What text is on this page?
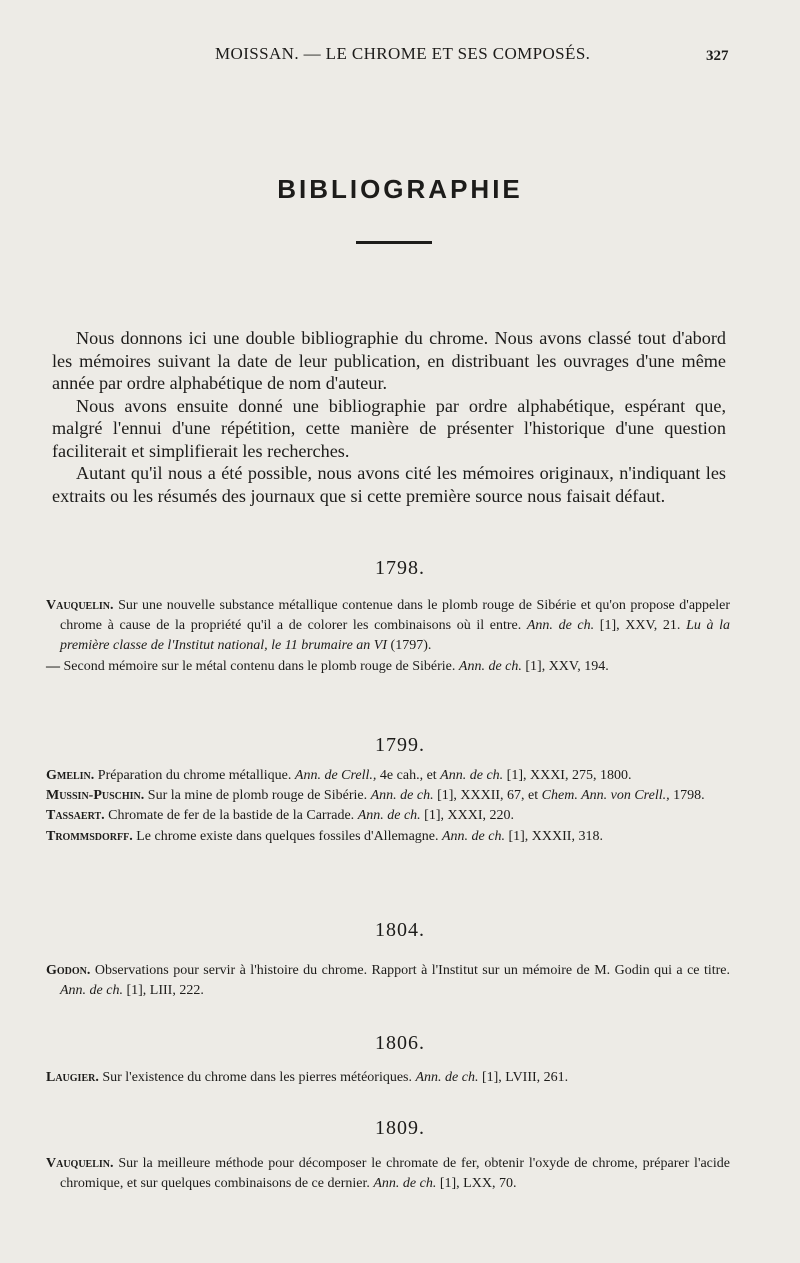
MOISSAN. — LE CHROME ET SES COMPOSÉS.	327
BIBLIOGRAPHIE

Nous donnons ici une double bibliographie du chrome. Nous avons classé tout d'abord les mémoires suivant la date de leur publication, en distribuant les ouvrages d'une même année par ordre alphabétique de nom d'auteur.

Nous avons ensuite donné une bibliographie par ordre alphabétique, espérant que, malgré l'ennui d'une répétition, cette manière de présenter l'historique d'une question faciliterait et simplifierait les recherches.

Autant qu'il nous a été possible, nous avons cité les mémoires originaux, n'indiquant les extraits ou les résumés des journaux que si cette première source nous faisait défaut.

1798.

Vauquelin. Sur une nouvelle substance métallique contenue dans le plomb rouge de Sibérie et qu'on propose d'appeler chrome à cause de la propriété qu'il a de colorer les combinaisons où il entre. Ann. de ch. [1], XXV, 21. Lu à la première classe de l'Institut national, le 11 brumaire an VI (1797).

— Second mémoire sur le métal contenu dans le plomb rouge de Sibérie. Ann. de ch. [1], XXV, 194.

1799.

Gmelin. Préparation du chrome métallique. Ann. de Crell., 4e cah., et Ann. de ch. [1], XXXI, 275, 1800.

Mussin-Puschin. Sur la mine de plomb rouge de Sibérie. Ann. de ch. [1], XXXII, 67, et Chem. Ann. von Crell., 1798.

Tassaert. Chromate de fer de la bastide de la Carrade. Ann. de ch. [1], XXXI, 220.

Trommsdorff. Le chrome existe dans quelques fossiles d'Allemagne. Ann. de ch. [1], XXXII, 318.

1804.

Godon. Observations pour servir à l'histoire du chrome. Rapport à l'Institut sur un mémoire de M. Godin qui a ce titre. Ann. de ch. [1], LIII, 222.

1806.

Laugier. Sur l'existence du chrome dans les pierres météoriques. Ann. de ch. [1], LVIII, 261.

1809.

Vauquelin. Sur la meilleure méthode pour décomposer le chromate de fer, obtenir l'oxyde de chrome, préparer l'acide chromique, et sur quelques combinaisons de ce dernier. Ann. de ch. [1], LXX, 70.
